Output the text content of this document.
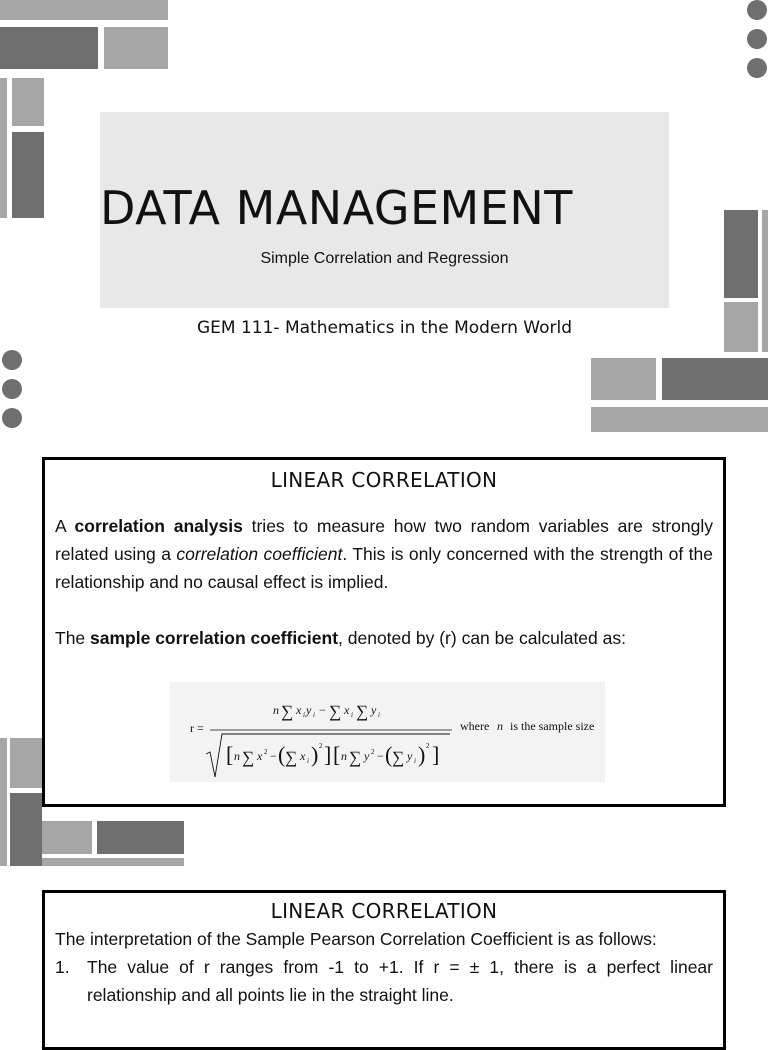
DATA MANAGEMENT
Simple Correlation and Regression
GEM 111- Mathematics in the Modern World
LINEAR CORRELATION

A correlation analysis tries to measure how two random variables are strongly related using a correlation coefficient. This is only concerned with the strength of the relationship and no causal effect is implied.

The sample correlation coefficient, denoted by (r) can be calculated as:

r =
n ∑ x i y i − ∑ x i ∑ y i
[ n ∑ x 2 − ( ∑ x i ) 2 ] [ n ∑ y 2 − ( ∑ y i ) 2 ]
where n is the sample size
LINEAR CORRELATION

The interpretation of the Sample Pearson Correlation Coefficient is as follows:

1. The value of r ranges from -1 to +1. If r = ± 1, there is a perfect linear relationship and all points lie in the straight line.
